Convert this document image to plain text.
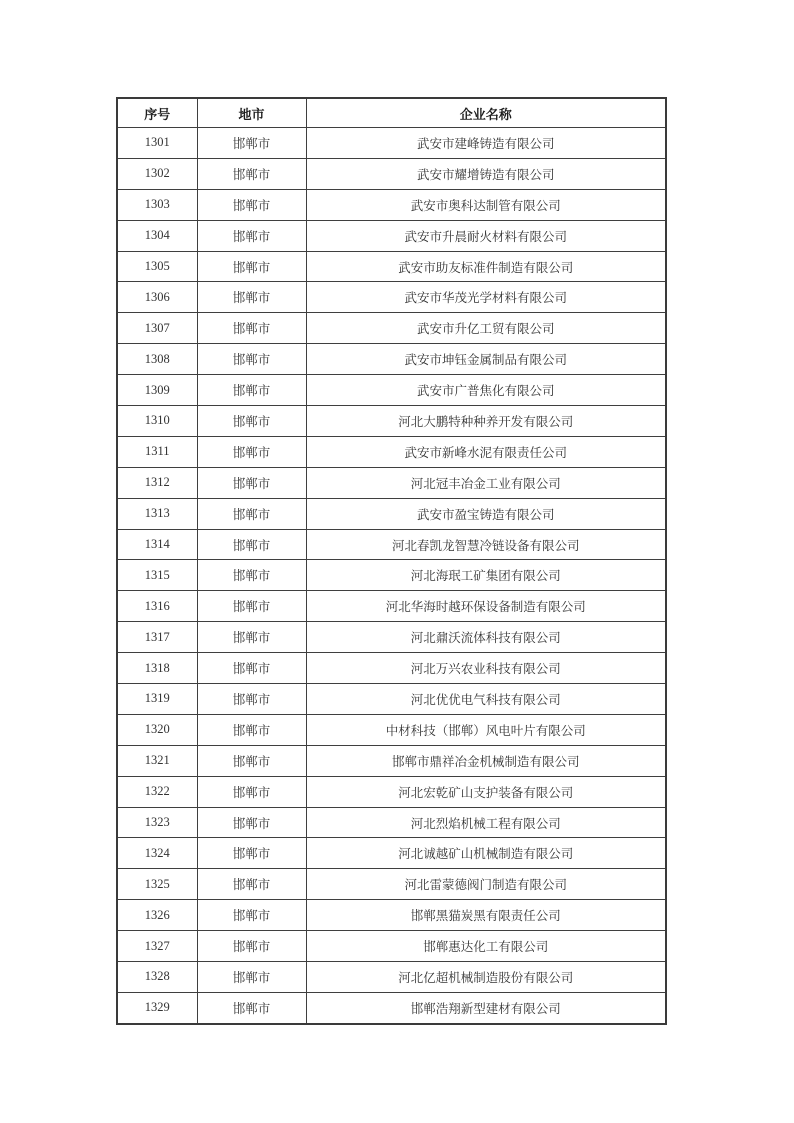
序号	地市	企业名称
1301	邯郸市	武安市建峰铸造有限公司
1302	邯郸市	武安市耀增铸造有限公司
1303	邯郸市	武安市奥科达制管有限公司
1304	邯郸市	武安市升晨耐火材料有限公司
1305	邯郸市	武安市助友标准件制造有限公司
1306	邯郸市	武安市华茂光学材料有限公司
1307	邯郸市	武安市升亿工贸有限公司
1308	邯郸市	武安市坤钰金属制品有限公司
1309	邯郸市	武安市广普焦化有限公司
1310	邯郸市	河北大鹏特种种养开发有限公司
1311	邯郸市	武安市新峰水泥有限责任公司
1312	邯郸市	河北冠丰冶金工业有限公司
1313	邯郸市	武安市盈宝铸造有限公司
1314	邯郸市	河北春凯龙智慧冷链设备有限公司
1315	邯郸市	河北海珉工矿集团有限公司
1316	邯郸市	河北华海时越环保设备制造有限公司
1317	邯郸市	河北鼐沃流体科技有限公司
1318	邯郸市	河北万兴农业科技有限公司
1319	邯郸市	河北优优电气科技有限公司
1320	邯郸市	中材科技（邯郸）风电叶片有限公司
1321	邯郸市	邯郸市鼎祥冶金机械制造有限公司
1322	邯郸市	河北宏乾矿山支护装备有限公司
1323	邯郸市	河北烈焰机械工程有限公司
1324	邯郸市	河北诚越矿山机械制造有限公司
1325	邯郸市	河北雷蒙德阀门制造有限公司
1326	邯郸市	邯郸黑猫炭黑有限责任公司
1327	邯郸市	邯郸惠达化工有限公司
1328	邯郸市	河北亿超机械制造股份有限公司
1329	邯郸市	邯郸浩翔新型建材有限公司
